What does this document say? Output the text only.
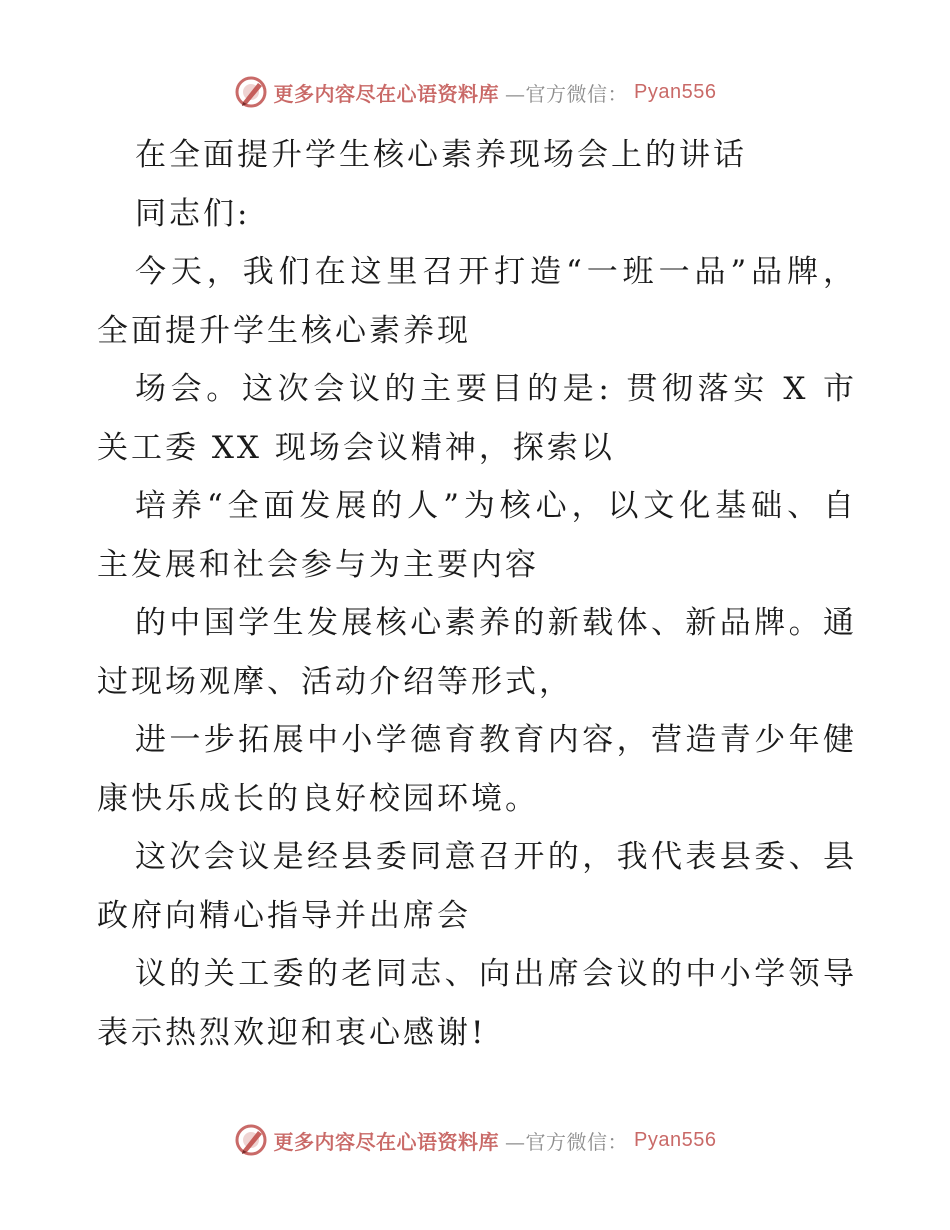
更多内容尽在心语资料库 —官方微信： Pyan556
在全面提升学生核心素养现场会上的讲话
同志们:
今天，我们在这里召开打造“一班一品”品牌，
全面提升学生核心素养现
场会。这次会议的主要目的是: 贯彻落实 X 市
关工委 XX 现场会议精神，探索以
培养“全面发展的人”为核心，以文化基础、自
主发展和社会参与为主要内容
的中国学生发展核心素养的新载体、新品牌。通
过现场观摩、活动介绍等形式，
进一步拓展中小学德育教育内容，营造青少年健
康快乐成长的良好校园环境。
这次会议是经县委同意召开的，我代表县委、县
政府向精心指导并出席会
议的关工委的老同志、向出席会议的中小学领导
表示热烈欢迎和衷心感谢!
更多内容尽在心语资料库 —官方微信： Pyan556
